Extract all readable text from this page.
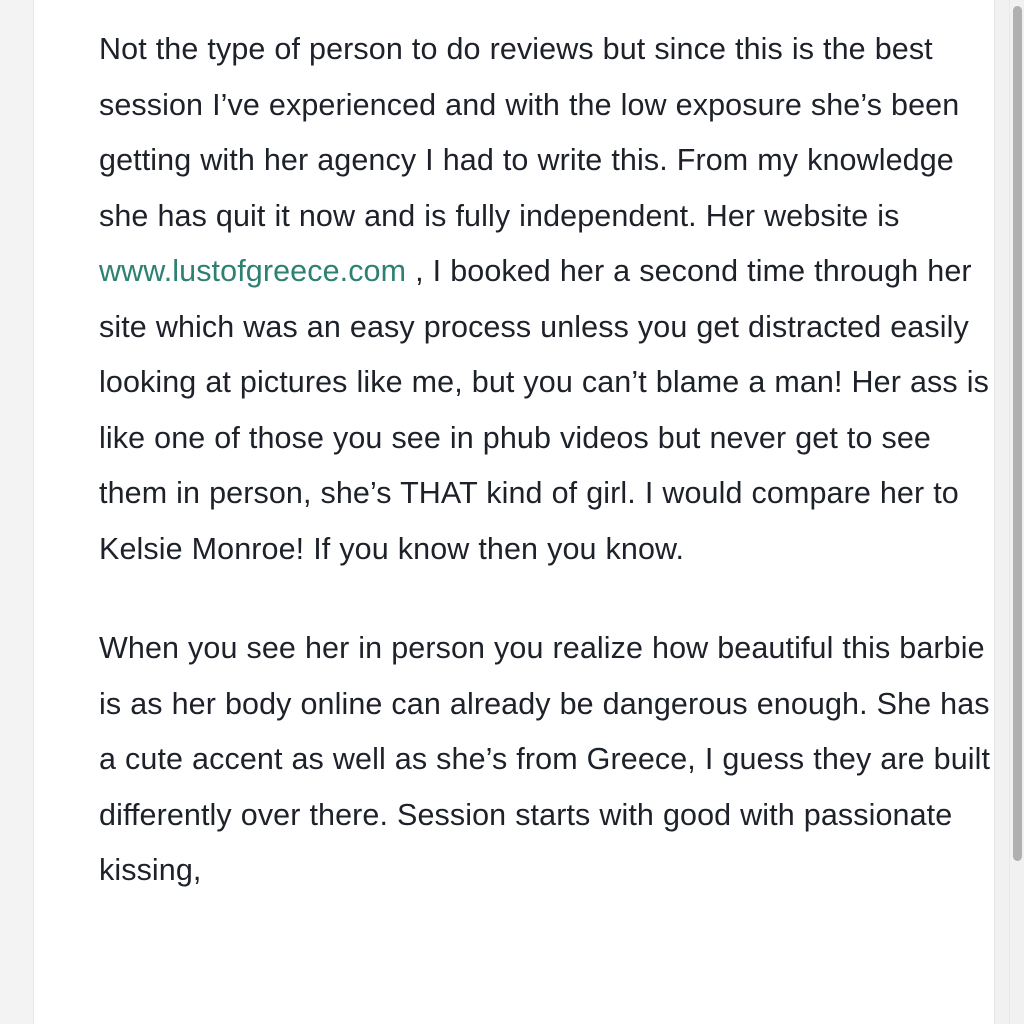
Not the type of person to do reviews but since this is the best session I’ve experienced and with the low exposure she’s been getting with her agency I had to write this. From my knowledge she has quit it now and is fully independent. Her website is www.lustofgreece.com , I booked her a second time through her site which was an easy process unless you get distracted easily looking at pictures like me, but you can’t blame a man! Her ass is like one of those you see in phub videos but never get to see them in person, she’s THAT kind of girl. I would compare her to Kelsie Monroe! If you know then you know.

When you see her in person you realize how beautiful this barbie is as her body online can already be dangerous enough. She has a cute accent as well as she’s from Greece, I guess they are built differently over there. Session starts with good with passionate kissing,
